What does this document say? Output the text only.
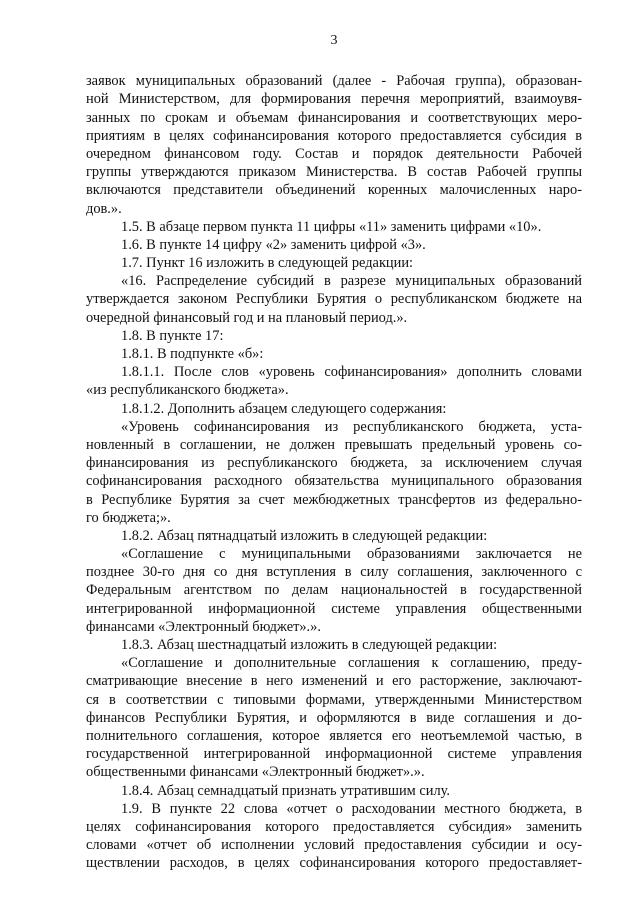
3
заявок муниципальных образований (далее - Рабочая группа), образован-
ной Министерством, для формирования перечня мероприятий, взаимоувя-
занных по срокам и объемам финансирования и соответствующих меро-
приятиям в целях софинансирования которого предоставляется субсидия в
очередном финансовом году. Состав и порядок деятельности Рабочей
группы утверждаются приказом Министерства. В состав Рабочей группы
включаются представители объединений коренных малочисленных наро-
дов.».
1.5. В абзаце первом пункта 11 цифры «11» заменить цифрами «10».
1.6. В пункте 14 цифру «2» заменить цифрой «3».
1.7. Пункт 16 изложить в следующей редакции:
«16. Распределение субсидий в разрезе муниципальных образований
утверждается законом Республики Бурятия о республиканском бюджете на
очередной финансовый год и на плановый период.».
1.8. В пункте 17:
1.8.1. В подпункте «б»:
1.8.1.1. После слов «уровень софинансирования» дополнить словами
«из республиканского бюджета».
1.8.1.2. Дополнить абзацем следующего содержания:
«Уровень софинансирования из республиканского бюджета, уста-
новленный в соглашении, не должен превышать предельный уровень со-
финансирования из республиканского бюджета, за исключением случая
софинансирования расходного обязательства муниципального образования
в Республике Бурятия за счет межбюджетных трансфертов из федерально-
го бюджета;».
1.8.2. Абзац пятнадцатый изложить в следующей редакции:
«Соглашение с муниципальными образованиями заключается не
позднее 30-го дня со дня вступления в силу соглашения, заключенного с
Федеральным агентством по делам национальностей в государственной
интегрированной информационной системе управления общественными
финансами «Электронный бюджет».».
1.8.3. Абзац шестнадцатый изложить в следующей редакции:
«Соглашение и дополнительные соглашения к соглашению, преду-
сматривающие внесение в него изменений и его расторжение, заключают-
ся в соответствии с типовыми формами, утвержденными Министерством
финансов Республики Бурятия, и оформляются в виде соглашения и до-
полнительного соглашения, которое является его неотъемлемой частью, в
государственной интегрированной информационной системе управления
общественными финансами «Электронный бюджет».».
1.8.4. Абзац семнадцатый признать утратившим силу.
1.9. В пункте 22 слова «отчет о расходовании местного бюджета, в
целях софинансирования которого предоставляется субсидия» заменить
словами «отчет об исполнении условий предоставления субсидии и осу-
ществлении расходов, в целях софинансирования которого предоставляет-
